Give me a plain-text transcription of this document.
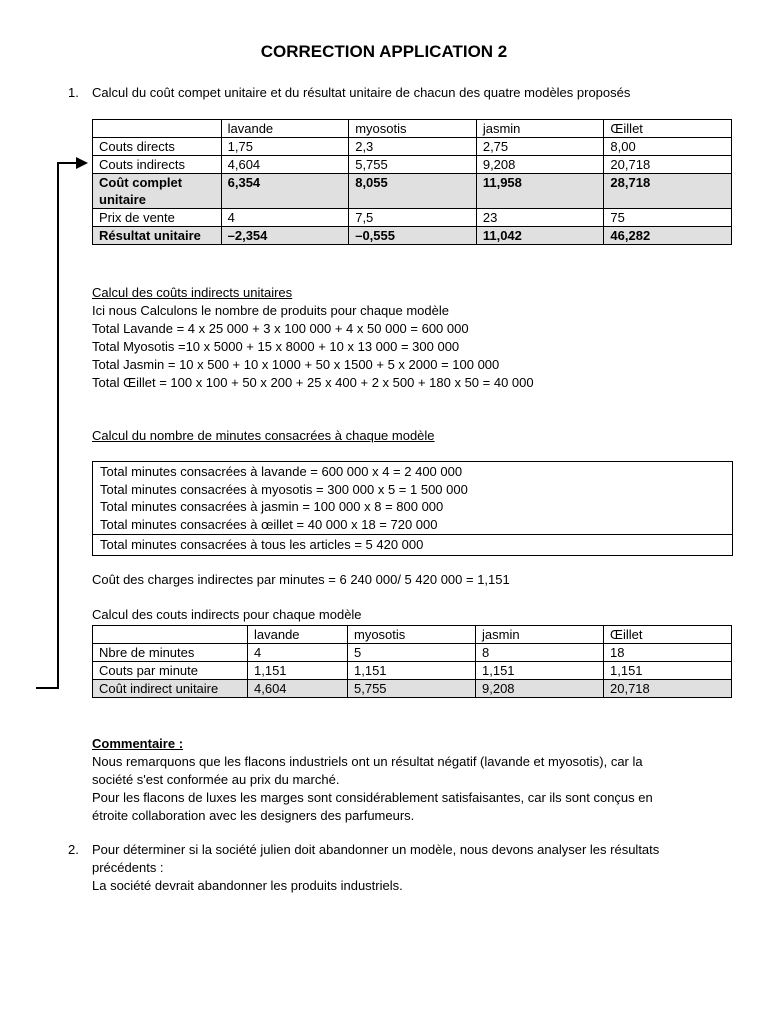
CORRECTION APPLICATION 2
1. Calcul du coût compet unitaire et du résultat unitaire de chacun des quatre modèles proposés
	lavande	myosotis	jasmin	Œillet
Couts directs	1,75	2,3	2,75	8,00
Couts indirects	4,604	5,755	9,208	20,718
Coût complet unitaire	6,354	8,055	11,958	28,718
Prix de vente	4	7,5	23	75
Résultat unitaire	–2,354	–0,555	11,042	46,282
Calcul des coûts indirects unitaires
Ici nous Calculons le nombre de produits pour chaque modèle
Total Lavande = 4 x 25 000 + 3 x 100 000 + 4 x 50 000 = 600 000
Total Myosotis =10 x 5000 + 15 x 8000 + 10 x 13 000 = 300 000
Total Jasmin = 10 x 500 + 10 x 1000 + 50 x 1500 + 5 x 2000 = 100 000
Total Œillet = 100 x 100 + 50 x 200 + 25 x 400 + 2 x 500 + 180 x 50 = 40 000
Calcul du nombre de minutes consacrées à chaque modèle
Total minutes consacrées à lavande = 600 000 x 4 = 2 400 000
Total minutes consacrées à myosotis = 300 000 x 5 = 1 500 000
Total minutes consacrées à jasmin = 100 000 x 8 = 800 000
Total minutes consacrées à œillet = 40 000 x 18 = 720 000
Total minutes consacrées à tous les articles = 5 420 000
Coût des charges indirectes par minutes = 6 240 000/ 5 420 000 = 1,151
Calcul des couts indirects pour chaque modèle
	lavande	myosotis	jasmin	Œillet
Nbre de minutes	4	5	8	18
Couts par minute	1,151	1,151	1,151	1,151
Coût indirect unitaire	4,604	5,755	9,208	20,718
Commentaire :
Nous remarquons que les flacons industriels ont un résultat négatif (lavande et myosotis), car la
société s'est conformée au prix du marché.
Pour les flacons de luxes les marges sont considérablement satisfaisantes, car ils sont conçus en
étroite collaboration avec les designers des parfumeurs.
2. Pour déterminer si la société julien doit abandonner un modèle, nous devons analyser les résultats
précédents :
La société devrait abandonner les produits industriels.
